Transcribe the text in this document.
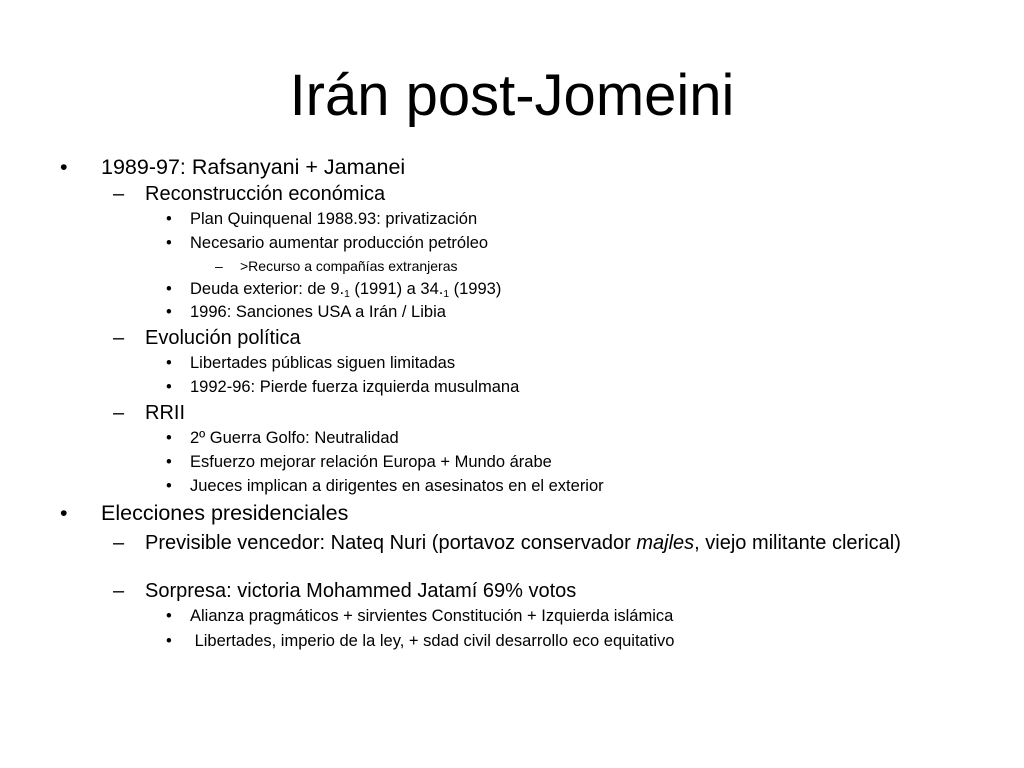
Irán post-Jomeini
• 1989-97: Rafsanyani + Jamanei
– Reconstrucción económica
• Plan Quinquenal 1988.93: privatización
• Necesario aumentar producción petróleo
– >Recurso a compañías extranjeras
• Deuda exterior: de $9._1$ (1991) a $34._1$ (1993)
• 1996: Sanciones USA a Irán / Libia
– Evolución política
• Libertades públicas siguen limitadas
• 1992-96: Pierde fuerza izquierda musulmana
– RRII
• 2º Guerra Golfo: Neutralidad
• Esfuerzo mejorar relación Europa + Mundo árabe
• Jueces implican a dirigentes en asesinatos en el exterior
• Elecciones presidenciales
– Previsible vencedor: Nateq Nuri (portavoz conservador majles, viejo militante clerical)
– Sorpresa: victoria Mohammed Jatamí 69% votos
• Alianza pragmáticos + sirvientes Constitución + Izquierda islámica
• Libertades, imperio de la ley, + sdad civil desarrollo eco equitativo
